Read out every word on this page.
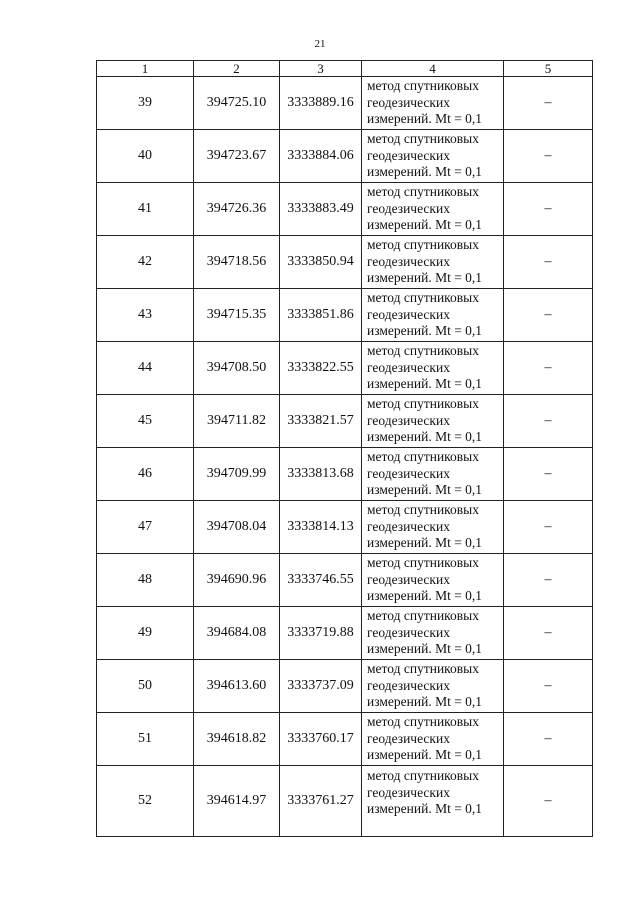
21
1	2	3	4	5
39	394725.10	3333889.16	метод спутниковых
геодезических
измерений. Mt = 0,1	–
40	394723.67	3333884.06	метод спутниковых
геодезических
измерений. Mt = 0,1	–
41	394726.36	3333883.49	метод спутниковых
геодезических
измерений. Mt = 0,1	–
42	394718.56	3333850.94	метод спутниковых
геодезических
измерений. Mt = 0,1	–
43	394715.35	3333851.86	метод спутниковых
геодезических
измерений. Mt = 0,1	–
44	394708.50	3333822.55	метод спутниковых
геодезических
измерений. Mt = 0,1	–
45	394711.82	3333821.57	метод спутниковых
геодезических
измерений. Mt = 0,1	–
46	394709.99	3333813.68	метод спутниковых
геодезических
измерений. Mt = 0,1	–
47	394708.04	3333814.13	метод спутниковых
геодезических
измерений. Mt = 0,1	–
48	394690.96	3333746.55	метод спутниковых
геодезических
измерений. Mt = 0,1	–
49	394684.08	3333719.88	метод спутниковых
геодезических
измерений. Mt = 0,1	–
50	394613.60	3333737.09	метод спутниковых
геодезических
измерений. Mt = 0,1	–
51	394618.82	3333760.17	метод спутниковых
геодезических
измерений. Mt = 0,1	–
52	394614.97	3333761.27	метод спутниковых
геодезических
измерений. Mt = 0,1	–
